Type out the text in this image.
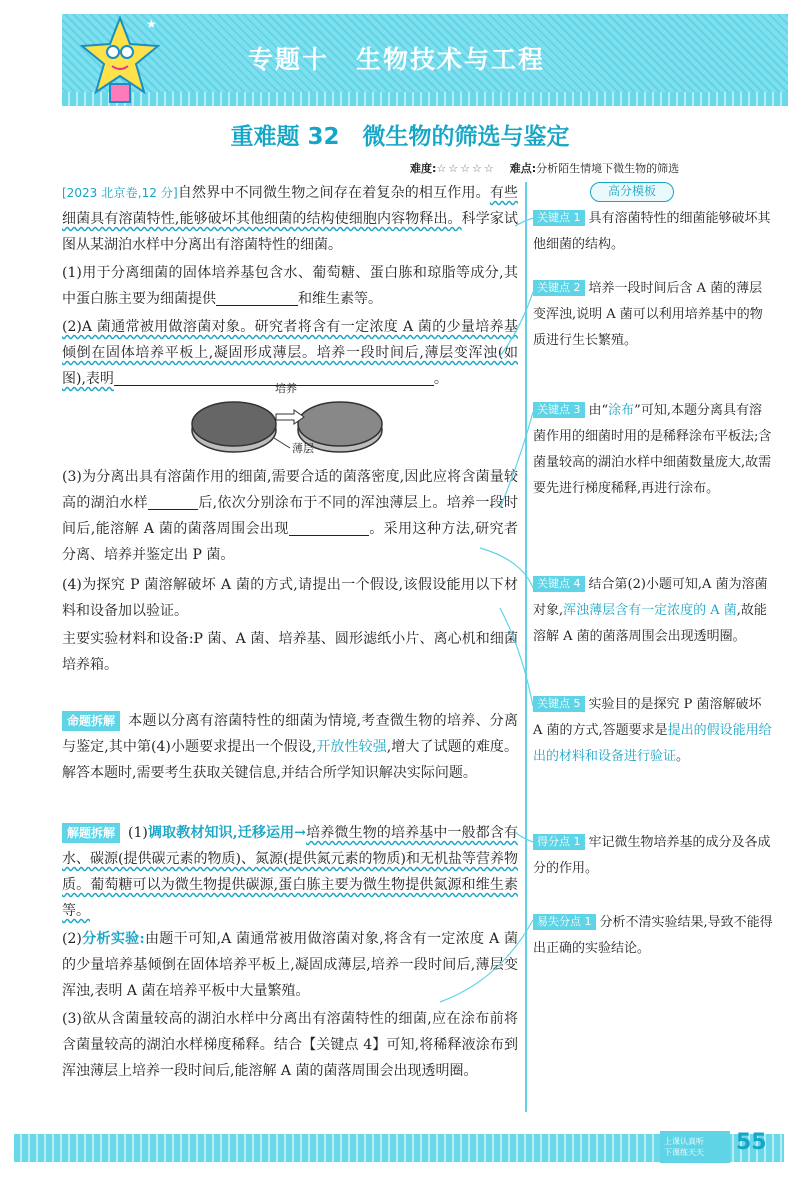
★
专题十　生物技术与工程
重难题 32　微生物的筛选与鉴定
难度:☆☆☆☆☆ 难点:分析陌生情境下微生物的筛选
[2023 北京卷,12 分]自然界中不同微生物之间存在着复杂的相互作用。有些细菌具有溶菌特性,能够破坏其他细菌的结构使细胞内容物释出。科学家试图从某湖泊水样中分离出有溶菌特性的细菌。
(1)用于分离细菌的固体培养基包含水、葡萄糖、蛋白胨和琼脂等成分,其中蛋白胨主要为细菌提供	和维生素等。
(2)A 菌通常被用做溶菌对象。研究者将含有一定浓度 A 菌的少量培养基倾倒在固体培养平板上,凝固形成薄层。培养一段时间后,薄层变浑浊(如图),表明	。
培养
薄层
(3)为分离出具有溶菌作用的细菌,需要合适的菌落密度,因此应将含菌量较高的湖泊水样	后,依次分别涂布于不同的浑浊薄层上。培养一段时间后,能溶解 A 菌的菌落周围会出现	。采用这种方法,研究者分离、培养并鉴定出 P 菌。
(4)为探究 P 菌溶解破坏 A 菌的方式,请提出一个假设,该假设能用以下材料和设备加以验证。
主要实验材料和设备:P 菌、A 菌、培养基、圆形滤纸小片、离心机和细菌培养箱。
命题拆解 本题以分离有溶菌特性的细菌为情境,考查微生物的培养、分离与鉴定,其中第(4)小题要求提出一个假设,开放性较强,增大了试题的难度。解答本题时,需要考生获取关键信息,并结合所学知识解决实际问题。
解题拆解 (1)调取教材知识,迁移运用→培养微生物的培养基中一般都含有水、碳源(提供碳元素的物质)、氮源(提供氮元素的物质)和无机盐等营养物质。葡萄糖可以为微生物提供碳源,蛋白胨主要为微生物提供氮源和维生素等。
(2)分析实验:由题干可知,A 菌通常被用做溶菌对象,将含有一定浓度 A 菌的少量培养基倾倒在固体培养平板上,凝固成薄层,培养一段时间后,薄层变浑浊,表明 A 菌在培养平板中大量繁殖。
(3)欲从含菌量较高的湖泊水样中分离出有溶菌特性的细菌,应在涂布前将含菌量较高的湖泊水样梯度稀释。结合【关键点 4】可知,将稀释液涂布到浑浊薄层上培养一段时间后,能溶解 A 菌的菌落周围会出现透明圈。
高分模板
关键点 1 具有溶菌特性的细菌能够破坏其他细菌的结构。
关键点 2 培养一段时间后含 A 菌的薄层变浑浊,说明 A 菌可以利用培养基中的物质进行生长繁殖。
关键点 3 由“涂布”可知,本题分离具有溶菌作用的细菌时用的是稀释涂布平板法;含菌量较高的湖泊水样中细菌数量庞大,故需要先进行梯度稀释,再进行涂布。
关键点 4 结合第(2)小题可知,A 菌为溶菌对象,浑浊薄层含有一定浓度的 A 菌,故能溶解 A 菌的菌落周围会出现透明圈。
关键点 5 实验目的是探究 P 菌溶解破坏 A 菌的方式,答题要求是提出的假设能用给出的材料和设备进行验证。
得分点 1 牢记微生物培养基的成分及各成分的作用。
易失分点 1 分析不清实验结果,导致不能得出正确的实验结论。
上课认真听
下课练天天	55
